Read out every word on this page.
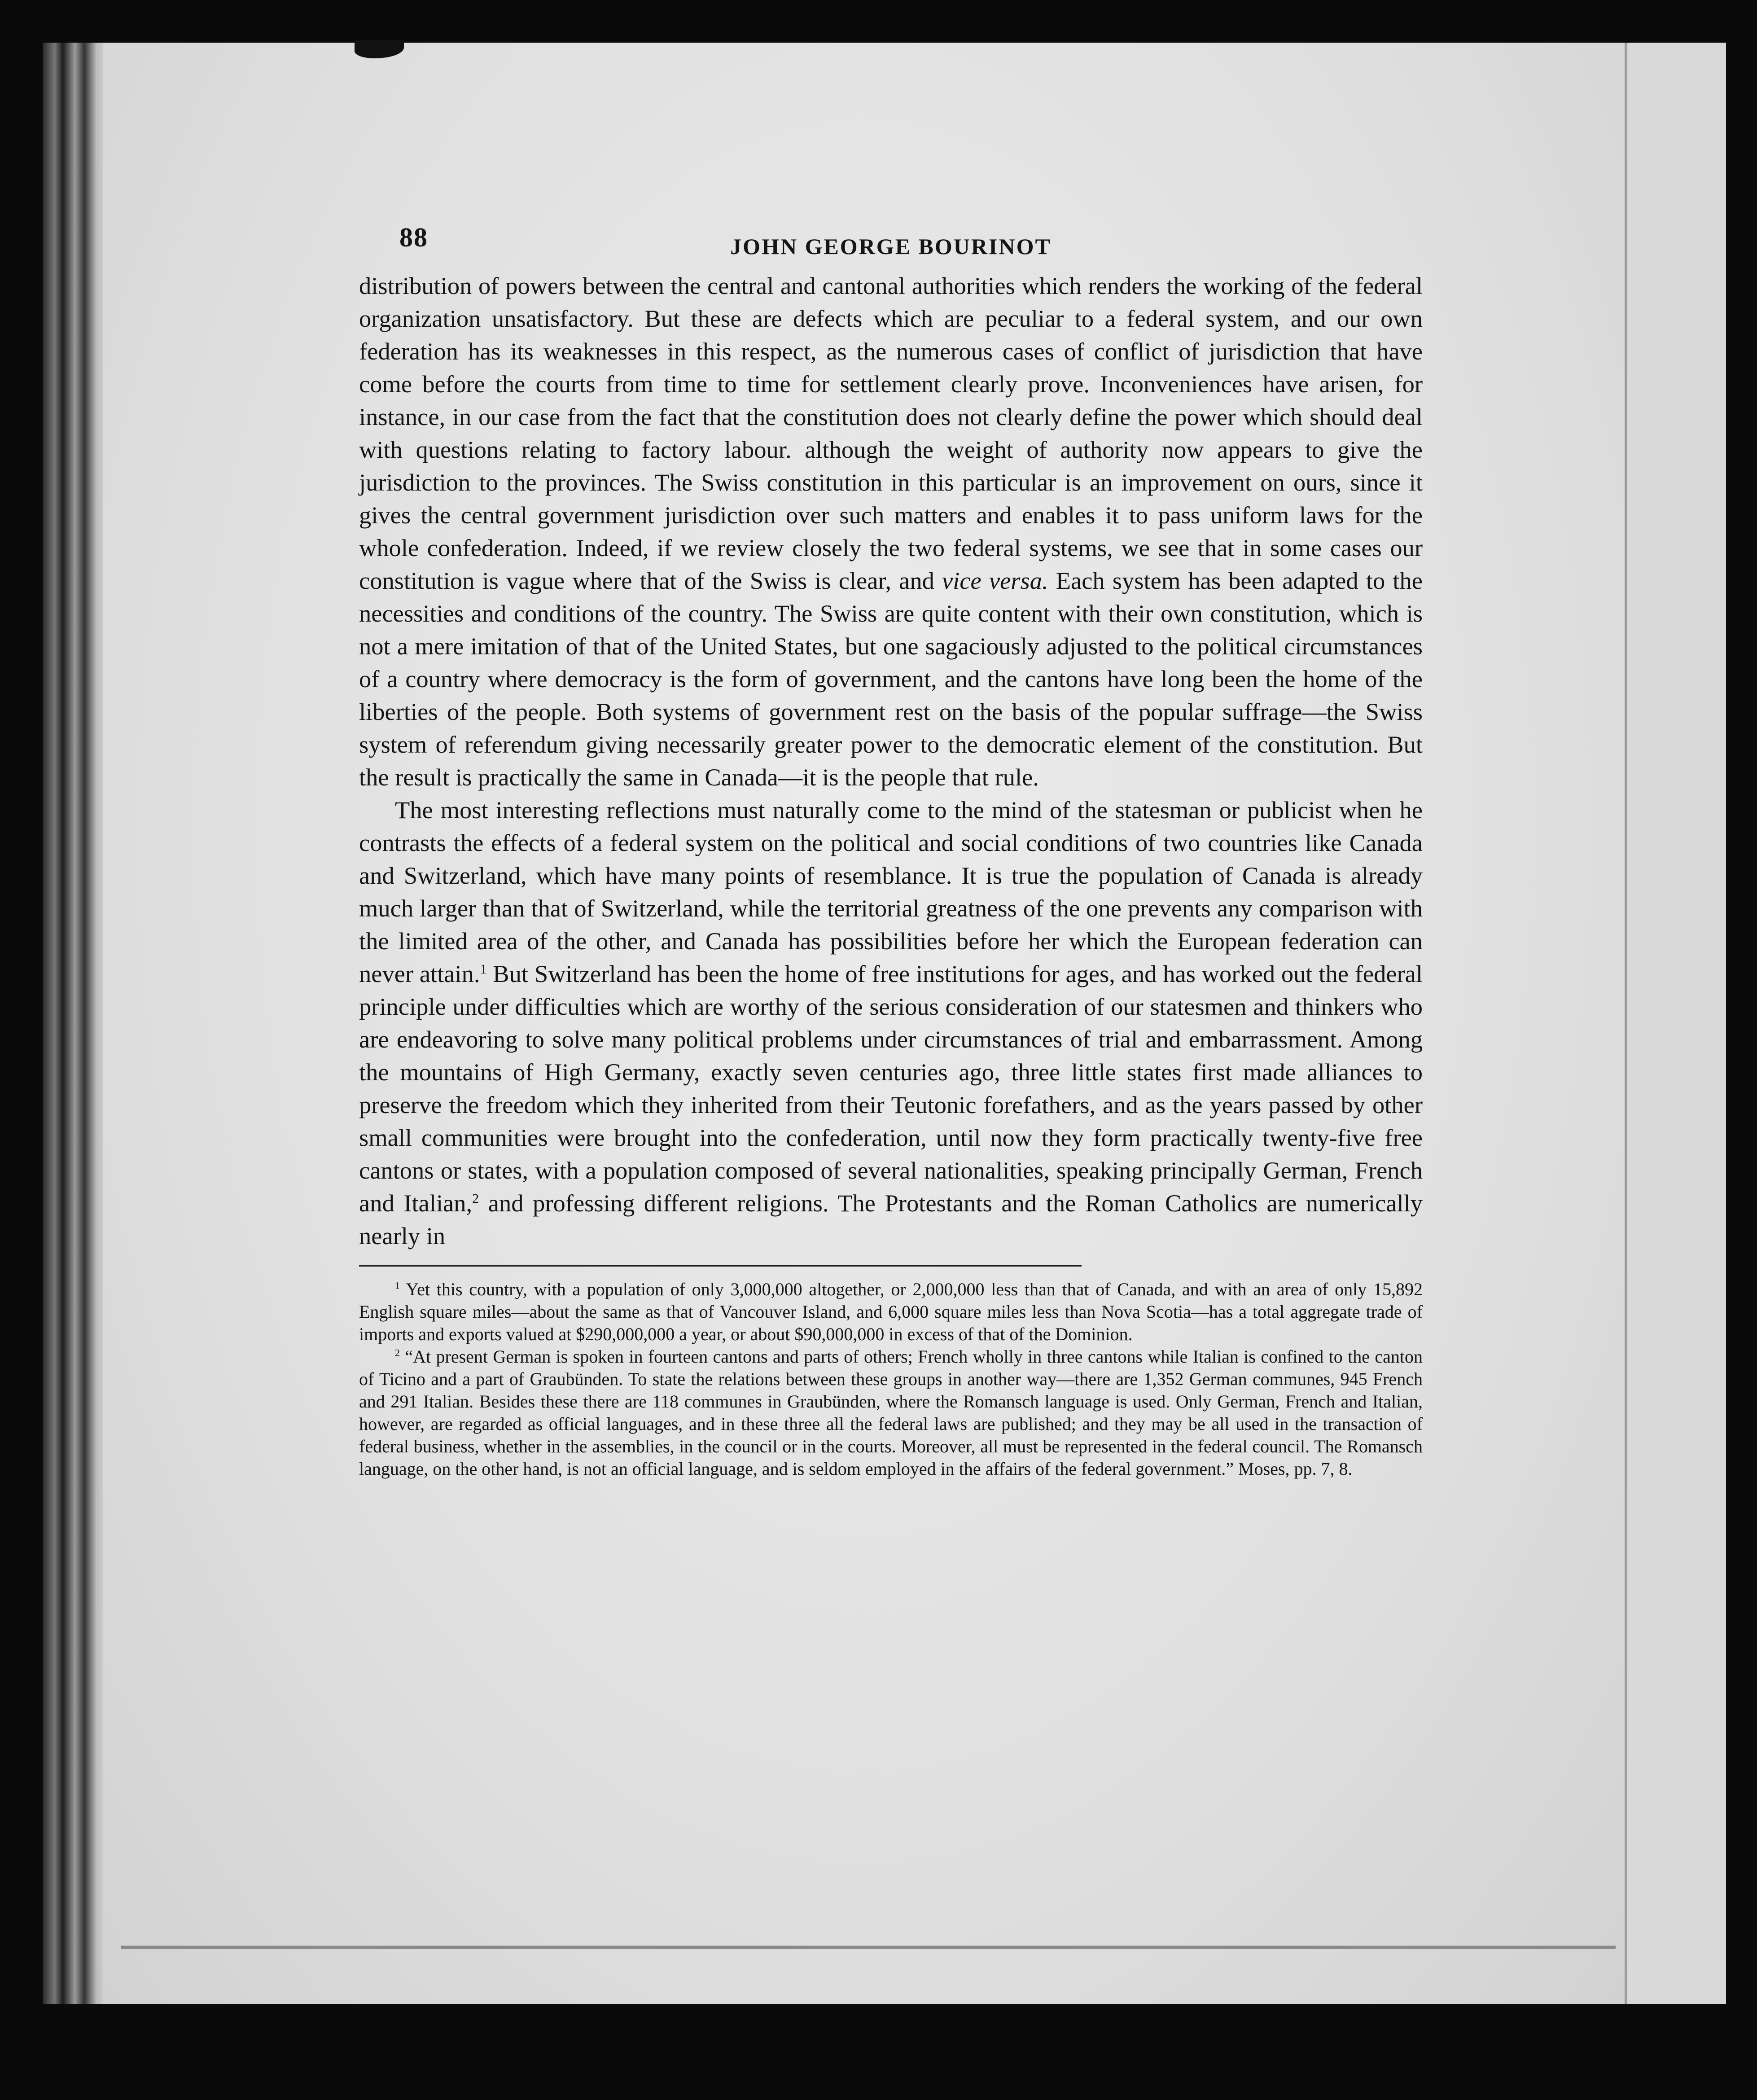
88	JOHN GEORGE BOURINOT

distribution of powers between the central and cantonal authorities which renders the working of the federal organization unsatisfactory. But these are defects which are peculiar to a federal system, and our own federation has its weaknesses in this respect, as the numerous cases of conflict of jurisdiction that have come before the courts from time to time for settlement clearly prove. Inconveniences have arisen, for instance, in our case from the fact that the constitution does not clearly define the power which should deal with questions relating to factory labour. although the weight of authority now appears to give the jurisdiction to the provinces. The Swiss constitution in this particular is an improvement on ours, since it gives the central government jurisdiction over such matters and enables it to pass uniform laws for the whole confederation. Indeed, if we review closely the two federal systems, we see that in some cases our constitution is vague where that of the Swiss is clear, and vice versa. Each system has been adapted to the necessities and conditions of the country. The Swiss are quite content with their own constitution, which is not a mere imitation of that of the United States, but one sagaciously adjusted to the political circumstances of a country where democracy is the form of government, and the cantons have long been the home of the liberties of the people. Both systems of government rest on the basis of the popular suffrage—the Swiss system of referendum giving necessarily greater power to the democratic element of the constitution. But the result is practically the same in Canada—it is the people that rule.

The most interesting reflections must naturally come to the mind of the statesman or publicist when he contrasts the effects of a federal system on the political and social conditions of two countries like Canada and Switzerland, which have many points of resemblance. It is true the population of Canada is already much larger than that of Switzerland, while the territorial greatness of the one prevents any comparison with the limited area of the other, and Canada has possibilities before her which the European federation can never attain.$^1$ But Switzerland has been the home of free institutions for ages, and has worked out the federal principle under difficulties which are worthy of the serious consideration of our statesmen and thinkers who are endeavoring to solve many political problems under circumstances of trial and embarrassment. Among the mountains of High Germany, exactly seven centuries ago, three little states first made alliances to preserve the freedom which they inherited from their Teutonic forefathers, and as the years passed by other small communities were brought into the confederation, until now they form practically twenty-five free cantons or states, with a population composed of several nationalities, speaking principally German, French and Italian,$^2$ and professing different religions. The Protestants and the Roman Catholics are numerically nearly in

$^1$ Yet this country, with a population of only 3,000,000 altogether, or 2,000,000 less than that of Canada, and with an area of only 15,892 English square miles—about the same as that of Vancouver Island, and 6,000 square miles less than Nova Scotia—has a total aggregate trade of imports and exports valued at $290,000,000 a year, or about $90,000,000 in excess of that of the Dominion.

$^2$ “At present German is spoken in fourteen cantons and parts of others; French wholly in three cantons while Italian is confined to the canton of Ticino and a part of Graubünden. To state the relations between these groups in another way—there are 1,352 German communes, 945 French and 291 Italian. Besides these there are 118 communes in Graubünden, where the Romansch language is used. Only German, French and Italian, however, are regarded as official languages, and in these three all the federal laws are published; and they may be all used in the transaction of federal business, whether in the assemblies, in the council or in the courts. Moreover, all must be represented in the federal council. The Romansch language, on the other hand, is not an official language, and is seldom employed in the affairs of the federal government.” Moses, pp. 7, 8.
